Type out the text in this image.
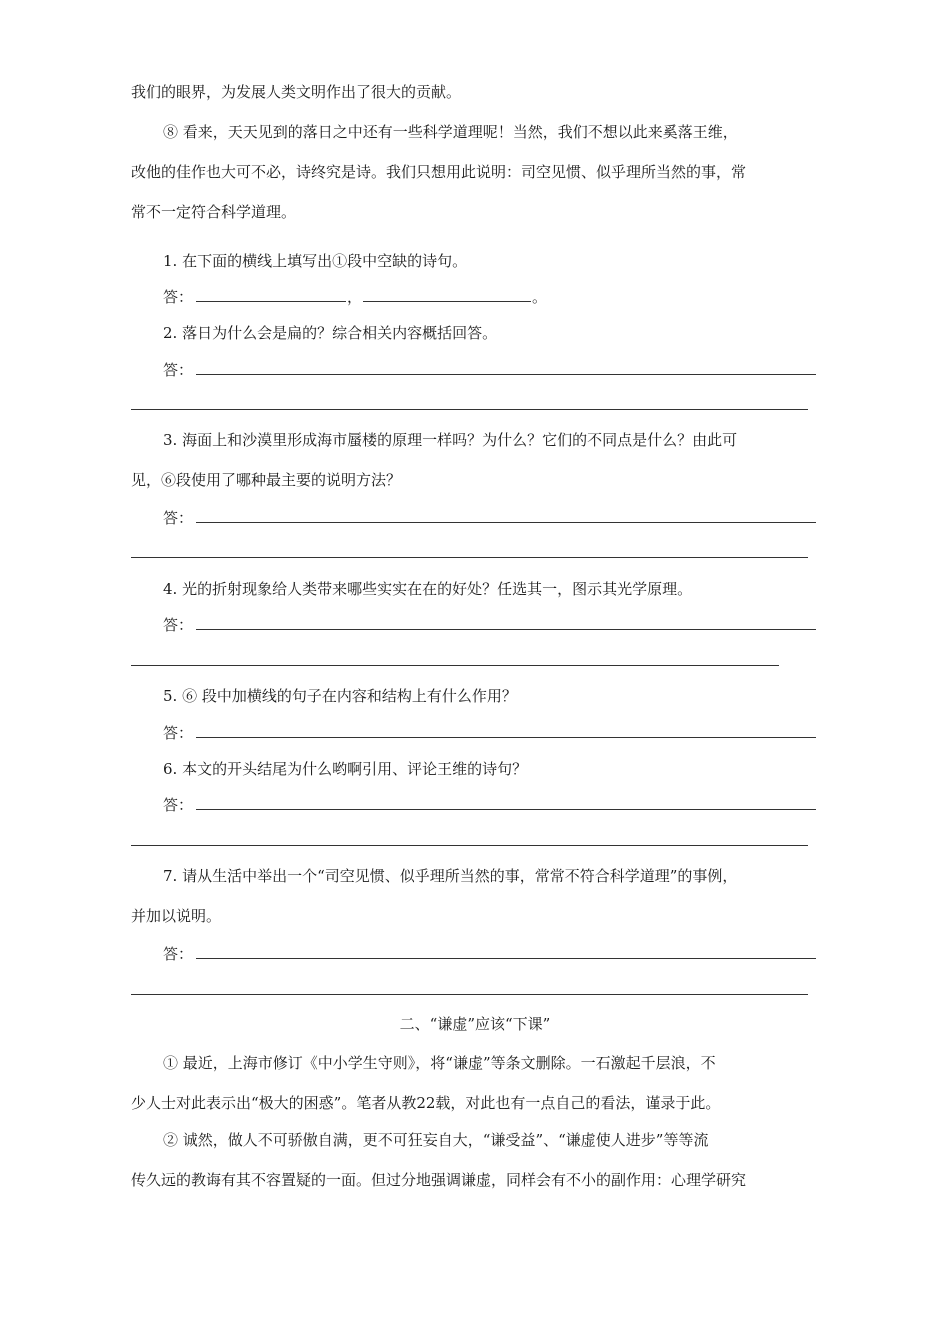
我们的眼界，为发展人类文明作出了很大的贡献。
⑧ 看来，天天见到的落日之中还有一些科学道理呢！当然，我们不想以此来奚落王维，
改他的佳作也大可不必，诗终究是诗。我们只想用此说明：司空见惯、似乎理所当然的事，常
常不一定符合科学道理。
1. 在下面的横线上填写出①段中空缺的诗句。
答：	，	。
2. 落日为什么会是扁的？综合相关内容概括回答。
答：
3. 海面上和沙漠里形成海市蜃楼的原理一样吗？为什么？它们的不同点是什么？由此可
见，⑥段使用了哪种最主要的说明方法？
答：
4. 光的折射现象给人类带来哪些实实在在的好处？任选其一，图示其光学原理。
答：
5. ⑥ 段中加横线的句子在内容和结构上有什么作用？
答：
6. 本文的开头结尾为什么哟啊引用、评论王维的诗句？
答：
7. 请从生活中举出一个“司空见惯、似乎理所当然的事，常常不符合科学道理”的事例，
并加以说明。
答：
二、“谦虚”应该“下课”
① 最近，上海市修订《中小学生守则》，将“谦虚”等条文删除。一石激起千层浪，不
少人士对此表示出“极大的困惑”。笔者从教22载，对此也有一点自己的看法，谨录于此。
② 诚然，做人不可骄傲自满，更不可狂妄自大，“谦受益”、“谦虚使人进步”等等流
传久远的教诲有其不容置疑的一面。但过分地强调谦虚，同样会有不小的副作用：心理学研究
